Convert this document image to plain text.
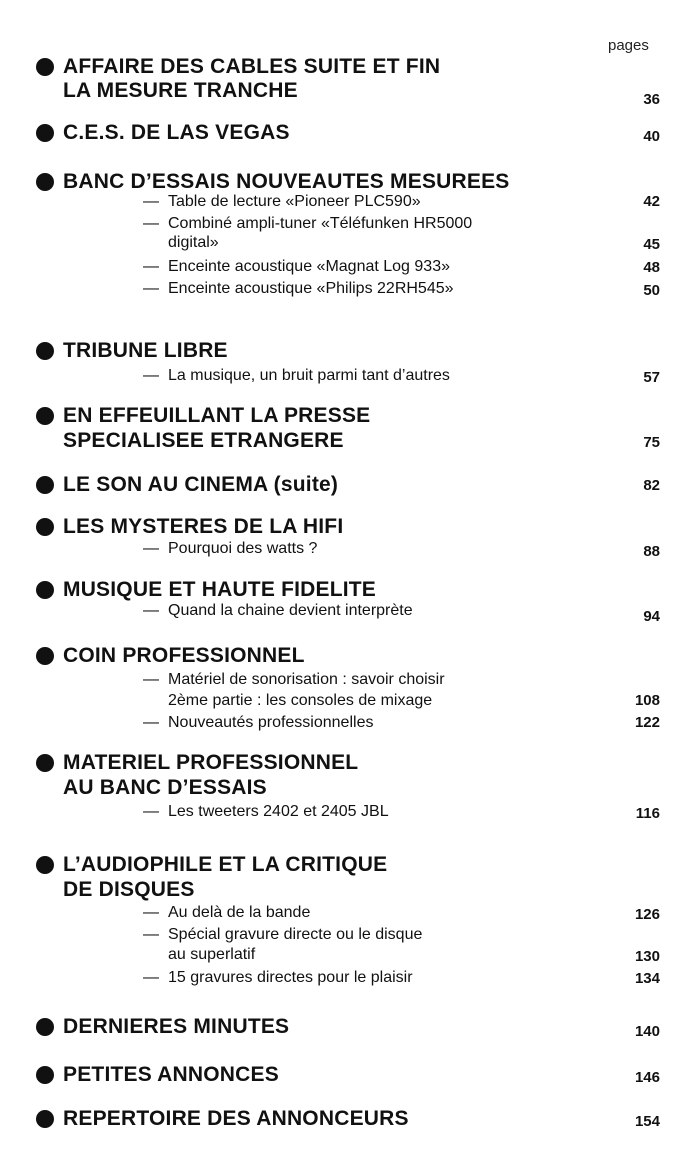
pages
AFFAIRE DES CABLES SUITE ET FIN
LA MESURE TRANCHE	36
C.E.S. DE LAS VEGAS	40
BANC D’ESSAIS NOUVEAUTES MESUREES
— Table de lecture «Pioneer PLC590»	42
— Combiné ampli-tuner «Téléfunken HR5000
digital»	45
— Enceinte acoustique «Magnat Log 933»	48
— Enceinte acoustique «Philips 22RH545»	50
TRIBUNE LIBRE
— La musique, un bruit parmi tant d’autres	57
EN EFFEUILLANT LA PRESSE
SPECIALISEE ETRANGERE	75
LE SON AU CINEMA (suite)	82
LES MYSTERES DE LA HIFI
— Pourquoi des watts ?	88
MUSIQUE ET HAUTE FIDELITE
— Quand la chaine devient interprète	94
COIN PROFESSIONNEL
— Matériel de sonorisation : savoir choisir
2ème partie : les consoles de mixage	108
— Nouveautés professionnelles	122
MATERIEL PROFESSIONNEL
AU BANC D’ESSAIS
— Les tweeters 2402 et 2405 JBL	116
L’AUDIOPHILE ET LA CRITIQUE
DE DISQUES
— Au delà de la bande	126
— Spécial gravure directe ou le disque
au superlatif	130
— 15 gravures directes pour le plaisir	134
DERNIERES MINUTES	140
PETITES ANNONCES	146
REPERTOIRE DES ANNONCEURS	154
